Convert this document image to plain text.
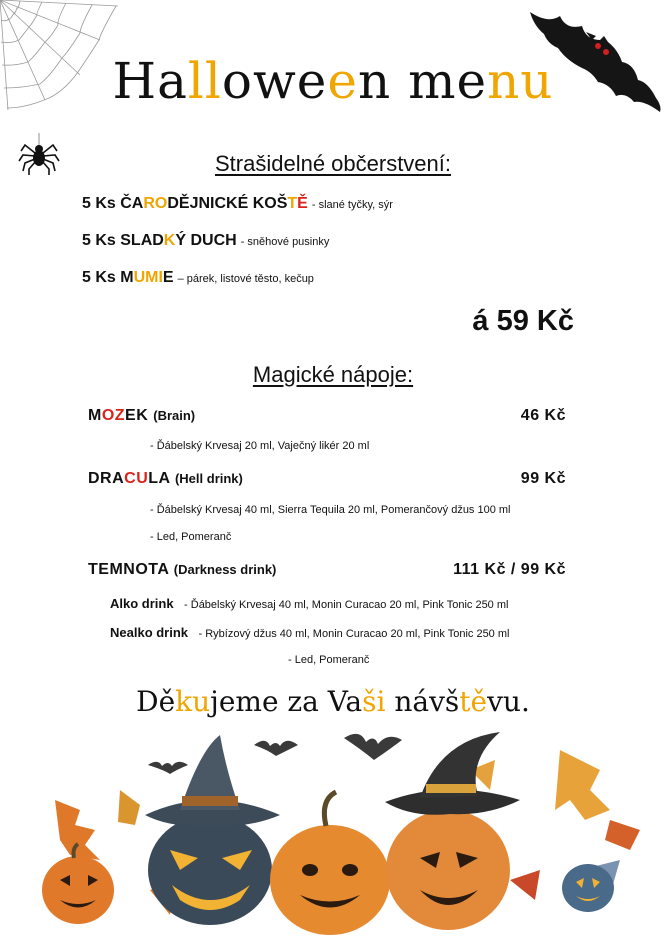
Halloween menu
Strašidelné občerstvení:
5 Ks ČARODĚJNICKÉ KOŠTĚ - slané tyčky, sýr
5 Ks SLADKÝ DUCH - sněhové pusinky
5 Ks MUMIE – párek, listové těsto, kečup
á 59 Kč
Magické nápoje:
MOZEK (Brain)	46 Kč
- Ďábelský Krvesaj 20 ml, Vaječný likér 20 ml
DRACULA (Hell drink)	99 Kč
- Ďábelský Krvesaj 40 ml, Sierra Tequila 20 ml, Pomerančový džus 100 ml
- Led, Pomeranč
TEMNOTA (Darkness drink)	111 Kč / 99 Kč
Alko drink - Ďábelský Krvesaj 40 ml, Monin Curacao 20 ml, Pink Tonic 250 ml
Nealko drink - Rybízový džus 40 ml, Monin Curacao 20 ml, Pink Tonic 250 ml
- Led, Pomeranč
Děkujeme za Vaši návštěvu.
